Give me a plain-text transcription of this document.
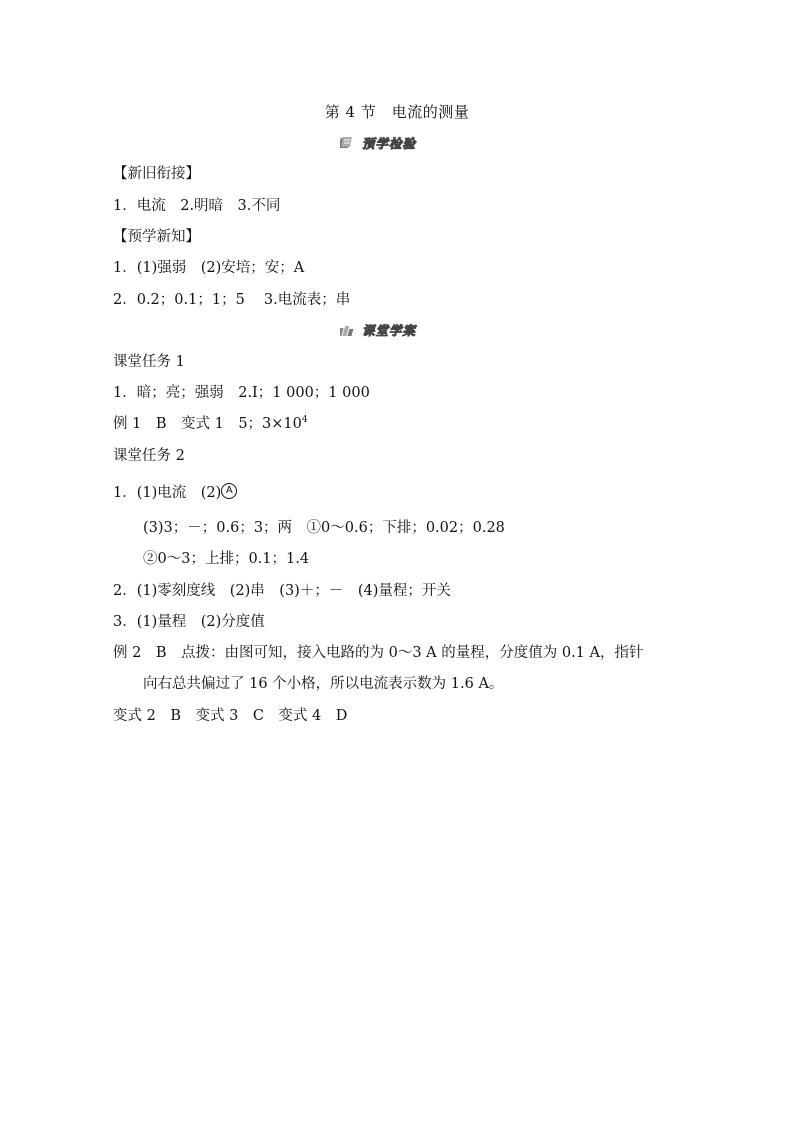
第 4 节　电流的测量
预学检验
【新旧衔接】
1．电流　2.明暗　3.不同
【预学新知】
1．(1)强弱　(2)安培；安；A
2．0.2；0.1；1；5　 3.电流表；串
课堂学案
课堂任务 1
1．暗；亮；强弱　2.I；1 000；1 000
例 1　B　变式 1　5；$3\times 10^4$
课堂任务 2
1．(1)电流　(2) A
(3)3；－；0.6；3；两　①0～0.6；下排；0.02；0.28
②0～3；上排；0.1；1.4
2．(1)零刻度线　(2)串　(3)＋；－　(4)量程；开关
3．(1)量程　(2)分度值
例 2　B　点拨：由图可知，接入电路的为 0～3 A 的量程，分度值为 0.1 A，指针
向右总共偏过了 16 个小格，所以电流表示数为 1.6 A。
变式 2　B　变式 3　C　变式 4　D
